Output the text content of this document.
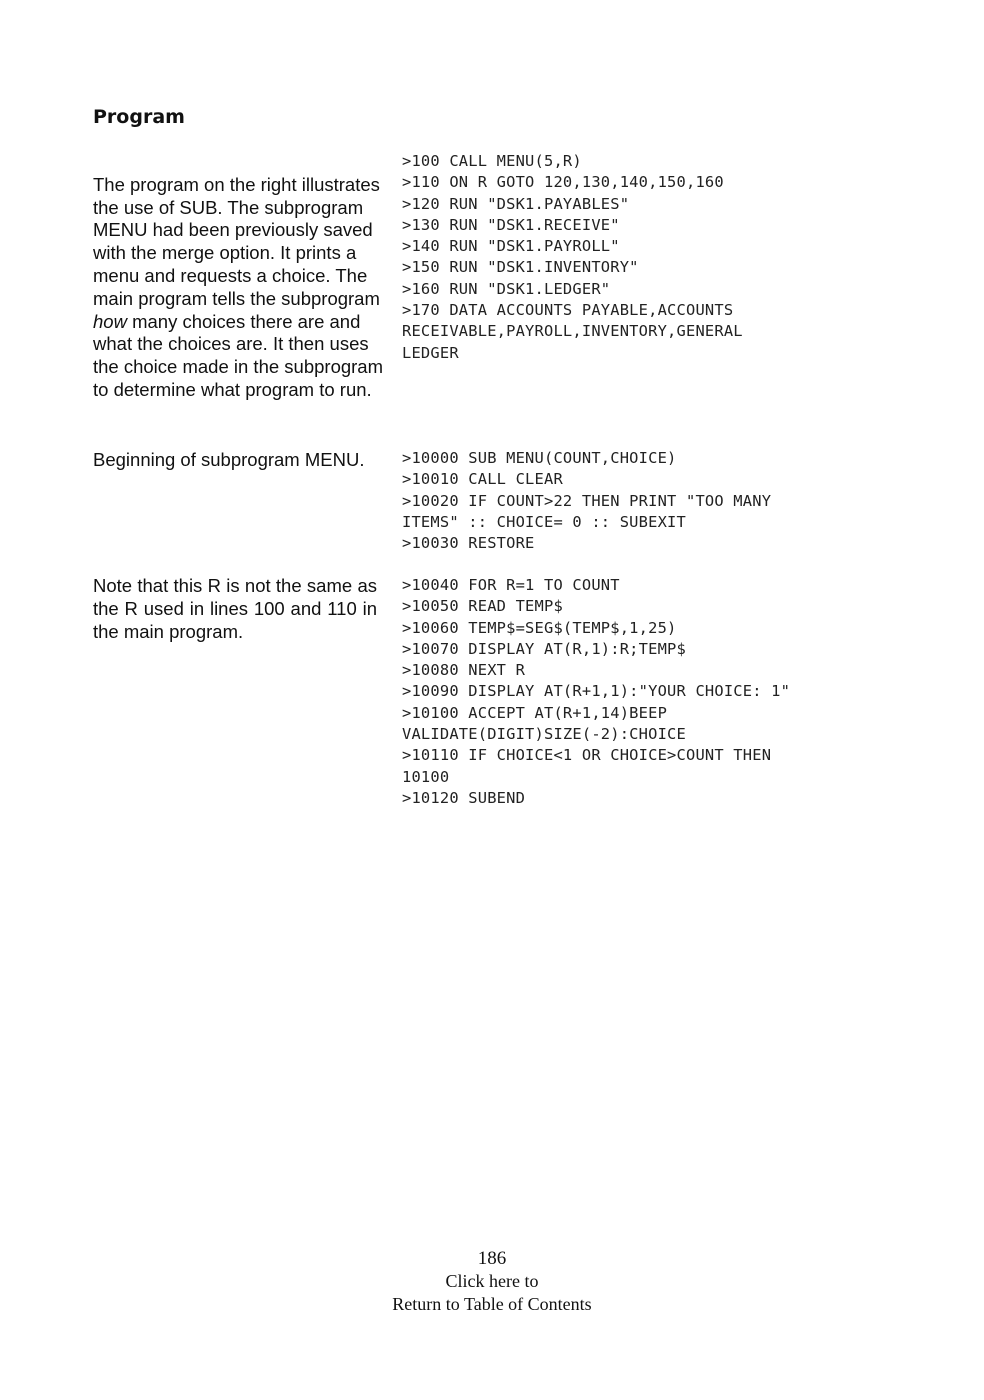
Program

The program on the right illustrates the use of SUB. The subprogram MENU had been previously saved with the merge option. It prints a menu and requests a choice. The main program tells the subprogram how many choices there are and what the choices are. It then uses the choice made in the subprogram to determine what program to run.

>100 CALL MENU(5,R)
>110 ON R GOTO 120,130,140,150,160
>120 RUN "DSK1.PAYABLES"
>130 RUN "DSK1.RECEIVE"
>140 RUN "DSK1.PAYROLL"
>150 RUN "DSK1.INVENTORY"
>160 RUN "DSK1.LEDGER"
>170 DATA ACCOUNTS PAYABLE,ACCOUNTS
RECEIVABLE,PAYROLL,INVENTORY,GENERAL
LEDGER
Beginning of subprogram MENU.	>10000 SUB MENU(COUNT,CHOICE)
>10010 CALL CLEAR
>10020 IF COUNT>22 THEN PRINT "TOO MANY
ITEMS" :: CHOICE= 0 :: SUBEXIT
>10030 RESTORE
Note that this R is not the same as the R used in lines 100 and 110 in the main program.
>10040 FOR R=1 TO COUNT
>10050 READ TEMP$
>10060 TEMP$=SEG$(TEMP$,1,25)
>10070 DISPLAY AT(R,1):R;TEMP$
>10080 NEXT R
>10090 DISPLAY AT(R+1,1):"YOUR CHOICE: 1"
>10100 ACCEPT AT(R+1,14)BEEP
VALIDATE(DIGIT)SIZE(-2):CHOICE
>10110 IF CHOICE<1 OR CHOICE>COUNT THEN
10100
>10120 SUBEND
186
Click here to
Return to Table of Contents
